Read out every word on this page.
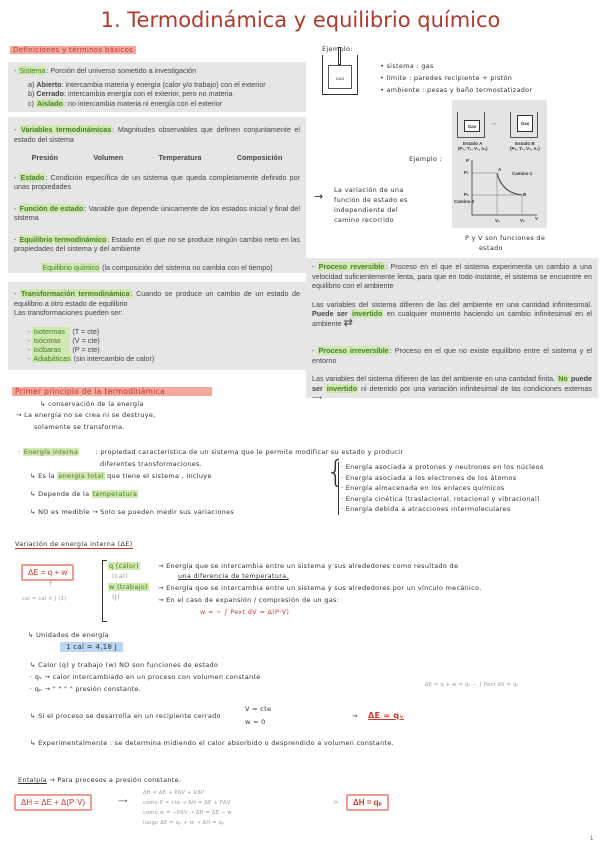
1. Termodinámica y equilibrio químico
Definiciones y términos básicos
- Sistema: Porción del universo sometido a investigación
a) Abierto: intercambia materia y energía (calor y/o trabajo) con el exterior
b) Cerrado: intercambia energía con el exterior, pero no materia
c) Aislado: no intercambia materia ni energía con el exterior
- Variables termodinámicas: Magnitudes observables que definen conjuntamente el estado del sistema
Presión	Volumen	Temperatura	Composición
- Estado: Condición específica de un sistema que queda completamente definido por unas propiedades
- Función de estado: Variable que depende únicamente de los estados inicial y final del sistema
- Equilibrio termodinámico: Estado en el que no se produce ningún cambio neto en las propiedades del sistema y del ambiente
Equilibrio químico (la composición del sistema no cambia con el tiempo)
- Transformación termodinámica: Cuando se produce un cambio de un estado de equilibrio a otro estado de equilibrio
Las transformaciones pueden ser:
- Isotermas (T = cte)
- Isócoras (V = cte)
- Isóbaras (P = cte)
- Adiabáticas (sin intercambio de calor)
Ejemplo:
GAS
• sistema : gas
• límite : paredes recipiente + pistón
• ambiente : pesas y baño termostatizador
Ejemplo :
Gas	→	Gas
Estado A
(P₁, T₁, V₁, n₁)
Estado B
(P₂, T₁, V₂, n₁)
P
P₁
P₂
A
B
Camino 1
Camino 2
V₁	V₂ V
→ La variación de una
función de estado es
independiente del
camino recorrido
P y V son funciones de
estado
- Proceso reversible: Proceso en el que el sistema experimenta un cambio a una velocidad suficientemente lenta, para que en todo instante, el sistema se encuentre en equilibrio con el ambiente
Las variables del sistema difieren de las del ambiente en una cantidad infinitesimal. Puede ser invertido en cualquier momento haciendo un cambio infinitesimal en el ambiente ⇄
- Proceso irreversible: Proceso en el que no existe equilibrio entre el sistema y el entorno
Las variables del sistema difieren de las del ambiente en una cantidad finita. No puede ser invertido ni detenido por una variación infinitesimal de las condiciones externas ⟶
Primer principio de la termodinámica
↳ conservación de la energía
→ La energía no se crea ni se destruye,
solamente se transforma.
· Energía interna	: propiedad característica de un sistema que le permite modificar su estado y producir
diferentes transformaciones.
↳ Es la energía total que tiene el sistema , incluye	{
· Energía asociada a protones y neutrones en los núcleos
· Energía asociada a los electrones de los átomos
· Energía almacenada en los enlaces químicos
· Energía cinética (traslacional, rotacional y vibracional)
· Energía debida a atracciones intermoleculares
↳ Depende de la temperatura
↳ NO es medible → Solo se pueden medir sus variaciones
Variación de energía interna (ΔE)
ΔE = q + w
↑
cal = cal × J (1)
q (calor)
(cal)
w (trabajo)
(J)
→ Energía que se intercambia entre un sistema y sus alrededores como resultado de
una diferencia de temperatura.
→ Energía que se intercambia entre un sistema y sus alrededores por un vínculo mecánico.
→ En el caso de expansión / compresión de un gas:
w = − ∫ Pext dV = Δ(P·V)
↳ Unidades de energía
1 cal = 4,18 J
↳ Calor (q) y trabajo (w) NO son funciones de estado
· qᵥ → calor intercambiado en un proceso con volumen constante
· qₚ → " " " " presión constante.	ΔE = q + w = qᵥ − ∫ Pext dV = qᵥ
↳ Si el proceso se desarrolla en un recipiente cerrado
V = cte
w = 0
→ ΔE = qᵥ
↳ Experimentalmente : se determina midiendo el calor absorbido o desprendido a volumen constante.
Entalpía → Para procesos a presión constante.
ΔH = ΔE + Δ(P·V)	⟶
ΔH = ΔE + PΔV + VΔP
como P = cte → ΔH = ΔE + PΔV
como w = −PΔV → ΔH = ΔE − w
luego ΔE = qₚ + w → ΔH = qₚ
>	ΔH = qₚ
1
